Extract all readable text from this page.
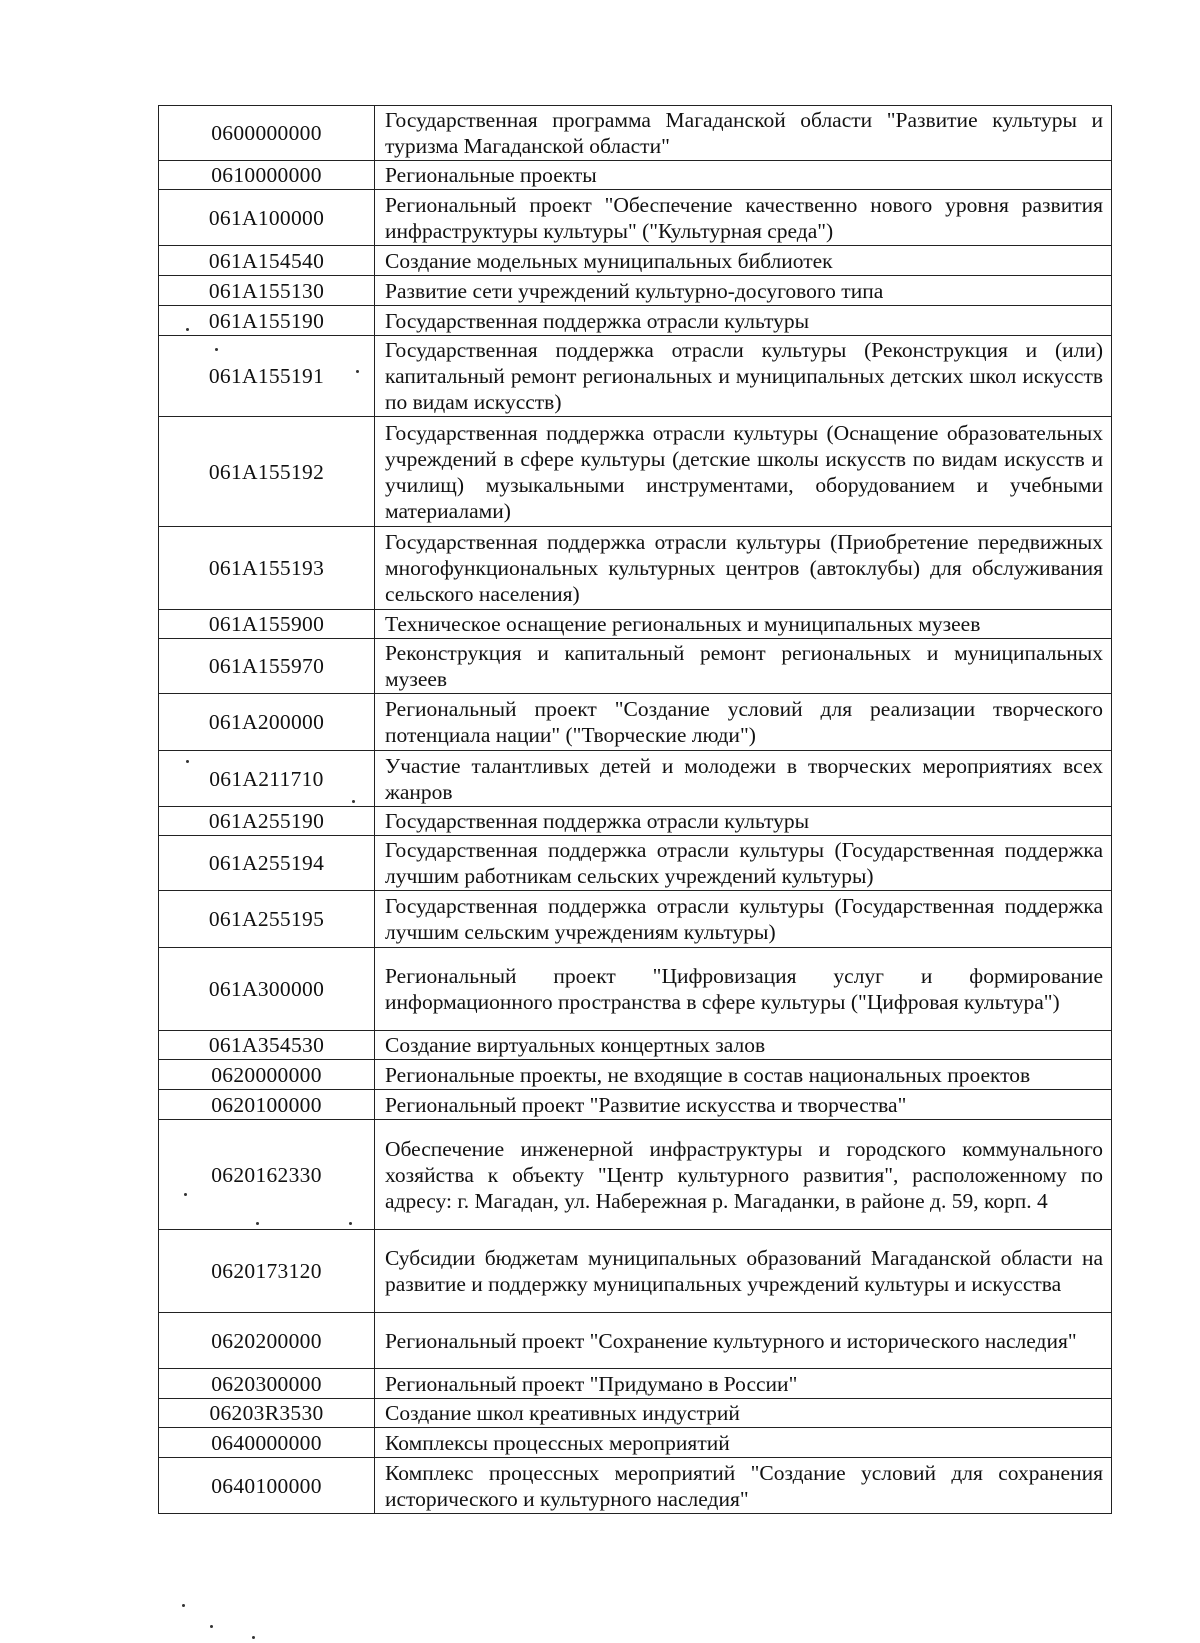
0600000000	Государственная программа Магаданской области "Развитие культуры и туризма Магаданской области"
0610000000	Региональные проекты
061A100000	Региональный проект "Обеспечение качественно нового уровня развития инфраструктуры культуры" ("Культурная среда")
061A154540	Создание модельных муниципальных библиотек
061A155130	Развитие сети учреждений культурно-досугового типа
061A155190	Государственная поддержка отрасли культуры
061A155191	Государственная поддержка отрасли культуры (Реконструкция и (или) капитальный ремонт региональных и муниципальных детских школ искусств по видам искусств)
061A155192	Государственная поддержка отрасли культуры (Оснащение образовательных учреждений в сфере культуры (детские школы искусств по видам искусств и училищ) музыкальными инструментами, оборудованием и учебными материалами)
061A155193	Государственная поддержка отрасли культуры (Приобретение передвижных многофункциональных культурных центров (автоклубы) для обслуживания сельского населения)
061A155900	Техническое оснащение региональных и муниципальных музеев
061A155970	Реконструкция и капитальный ремонт региональных и муниципальных музеев
061A200000	Региональный проект "Создание условий для реализации творческого потенциала нации" ("Творческие люди")
061A211710	Участие талантливых детей и молодежи в творческих мероприятиях всех жанров
061A255190	Государственная поддержка отрасли культуры
061A255194	Государственная поддержка отрасли культуры (Государственная поддержка лучшим работникам сельских учреждений культуры)
061A255195	Государственная поддержка отрасли культуры (Государственная поддержка лучшим сельским учреждениям культуры)
061A300000	Региональный проект "Цифровизация услуг и формирование информационного пространства в сфере культуры ("Цифровая культура")
061A354530	Создание виртуальных концертных залов
0620000000	Региональные проекты, не входящие в состав национальных проектов
0620100000	Региональный проект "Развитие искусства и творчества"
0620162330	Обеспечение инженерной инфраструктуры и городского коммунального хозяйства к объекту "Центр культурного развития", расположенному по адресу: г. Магадан, ул. Набережная р. Магаданки, в районе д. 59, корп. 4
0620173120	Субсидии бюджетам муниципальных образований Магаданской области на развитие и поддержку муниципальных учреждений культуры и искусства
0620200000	Региональный проект "Сохранение культурного и исторического наследия"
0620300000	Региональный проект "Придумано в России"
06203R3530	Создание школ креативных индустрий
0640000000	Комплексы процессных мероприятий
0640100000	Комплекс процессных мероприятий "Создание условий для сохранения исторического и культурного наследия"
